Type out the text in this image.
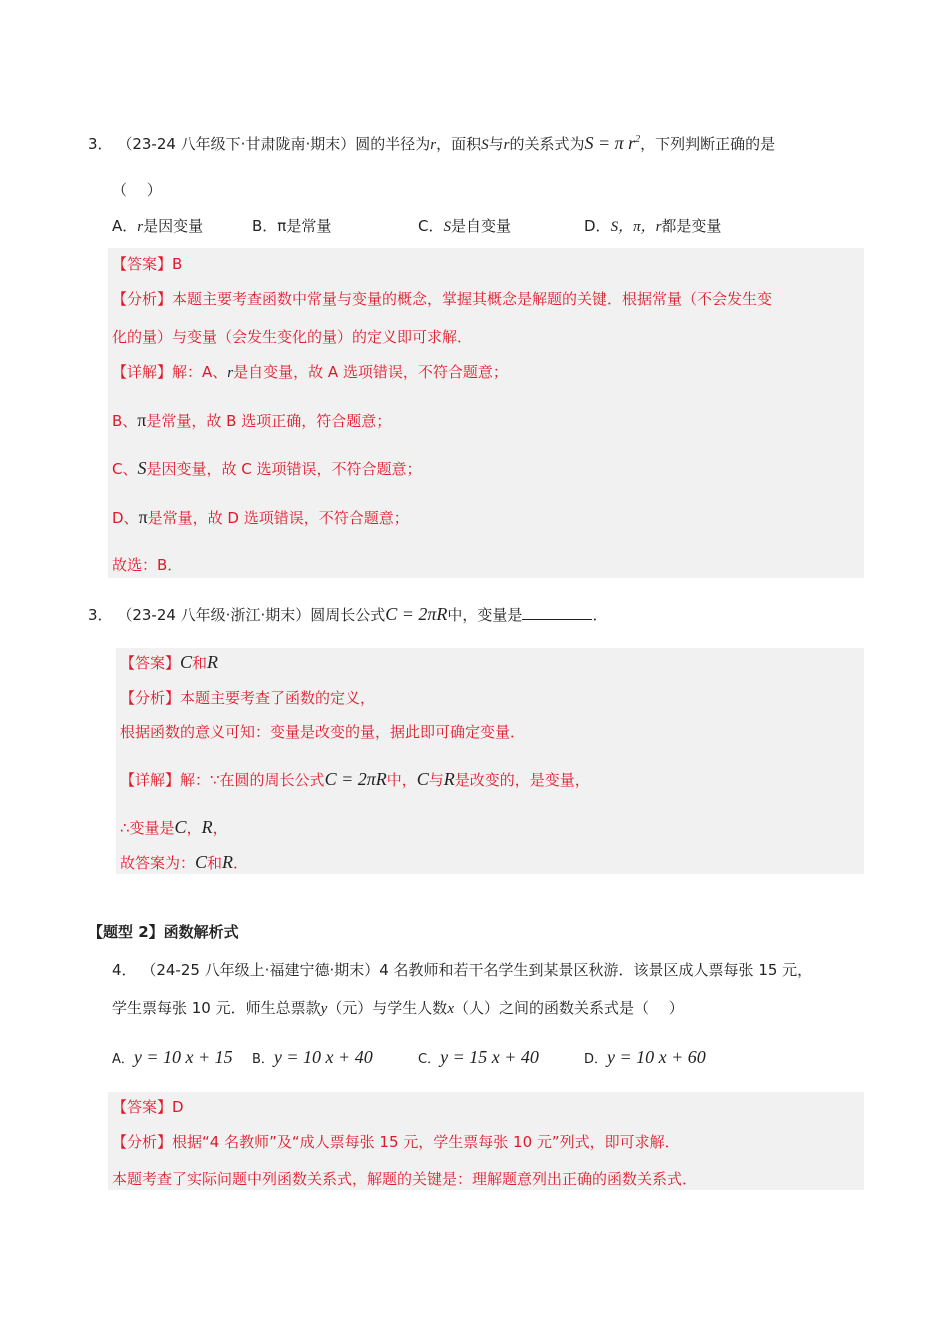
3． （23-24 八年级下·甘肃陇南·期末）圆的半径为r，面积S与r的关系式为S = π $r^2$，下列判断正确的是
（　 ）
A．r是因变量	B．π是常量	C．S是自变量	D．S，π，r都是变量
【答案】B
【分析】本题主要考查函数中常量与变量的概念，掌握其概念是解题的关键．根据常量（不会发生变
化的量）与变量（会发生变化的量）的定义即可求解．
【详解】解：A、r是自变量，故 A 选项错误，不符合题意；
B、π是常量，故 B 选项正确，符合题意；
C、S是因变量，故 C 选项错误，不符合题意；
D、π是常量，故 D 选项错误，不符合题意；
故选：B．
3． （23-24 八年级·浙江·期末）圆周长公式C = 2πR中，变量是	．
【答案】C和R
【分析】本题主要考查了函数的定义，
根据函数的意义可知：变量是改变的量，据此即可确定变量．
【详解】解：∵在圆的周长公式C = 2πR中，C与R是改变的，是变量，
∴变量是C，R，
故答案为：C和R．
【题型 2】函数解析式
4． （24-25 八年级上·福建宁德·期末）4 名教师和若干名学生到某景区秋游．该景区成人票每张 15 元，
学生票每张 10 元．师生总票款y（元）与学生人数x（人）之间的函数关系式是（　 ）
A．y = 10 x + 15 B．y = 10 x + 40	C．y = 15 x + 40	D．y = 10 x + 60
【答案】D
【分析】根据“4 名教师”及“成人票每张 15 元，学生票每张 10 元”列式，即可求解．
本题考查了实际问题中列函数关系式，解题的关键是：理解题意列出正确的函数关系式．
